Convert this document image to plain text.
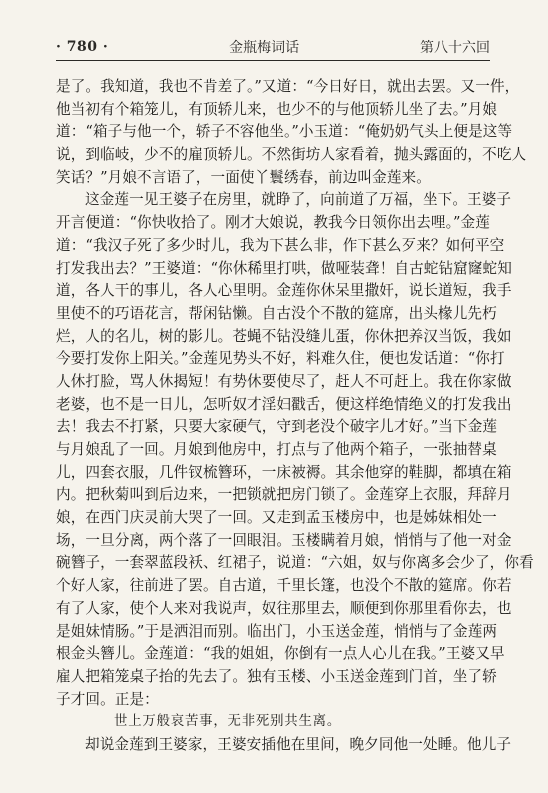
· 780 ·	金瓶梅词话	第八十六回
是了。我知道，我也不肯差了。”又道：“今日好日，就出去罢。又一件，
他当初有个箱笼儿，有顶轿儿来，也少不的与他顶轿儿坐了去。”月娘
道：“箱子与他一个，轿子不容他坐。”小玉道：“俺奶奶气头上便是这等
说，到临岐，少不的雇顶轿儿。不然街坊人家看着，抛头露面的，不吃人
笑话？”月娘不言语了，一面使丫鬟绣春，前边叫金莲来。
这金莲一见王婆子在房里，就睁了，向前道了万福，坐下。王婆子
开言便道：“你快收拾了。刚才大娘说，教我今日领你出去哩。”金莲
道：“我汉子死了多少时儿，我为下甚么非，作下甚么歹来？如何平空
打发我出去？”王婆道：“你休稀里打哄，做哑装聋！自古蛇钻窟窿蛇知
道，各人干的事儿，各人心里明。金莲你休呆里撒奸，说长道短，我手
里使不的巧语花言，帮闲钻懒。自古没个不散的筵席，出头椽儿先朽
烂，人的名儿，树的影儿。苍蝇不钻没缝儿蛋，你休把养汉当饭，我如
今要打发你上阳关。”金莲见势头不好，料难久住，便也发话道：“你打
人休打脸，骂人休揭短！有势休要使尽了，赶人不可赶上。我在你家做
老婆，也不是一日儿，怎听奴才淫妇戳舌，便这样绝情绝义的打发我出
去！我去不打紧，只要大家硬气，守到老没个破字儿才好。”当下金莲
与月娘乱了一回。月娘到他房中，打点与了他两个箱子，一张抽替桌
儿，四套衣服，几件钗梳簪环，一床被褥。其余他穿的鞋脚，都填在箱
内。把秋菊叫到后边来，一把锁就把房门锁了。金莲穿上衣服，拜辞月
娘，在西门庆灵前大哭了一回。又走到孟玉楼房中，也是姊妹相处一
场，一旦分离，两个落了一回眼泪。玉楼瞒着月娘，悄悄与了他一对金
碗簪子，一套翠蓝段袄、红裙子，说道：“六姐，奴与你离多会少了，你看
个好人家，往前进了罢。自古道，千里长篷，也没个不散的筵席。你若
有了人家，使个人来对我说声，奴往那里去，顺便到你那里看你去，也
是姐妹情肠。”于是洒泪而别。临出门，小玉送金莲，悄悄与了金莲两
根金头簪儿。金莲道：“我的姐姐，你倒有一点人心儿在我。”王婆又早
雇人把箱笼桌子抬的先去了。独有玉楼、小玉送金莲到门首，坐了轿
子才回。正是：
世上万般哀苦事，无非死别共生离。
却说金莲到王婆家，王婆安插他在里间，晚夕同他一处睡。他儿子
